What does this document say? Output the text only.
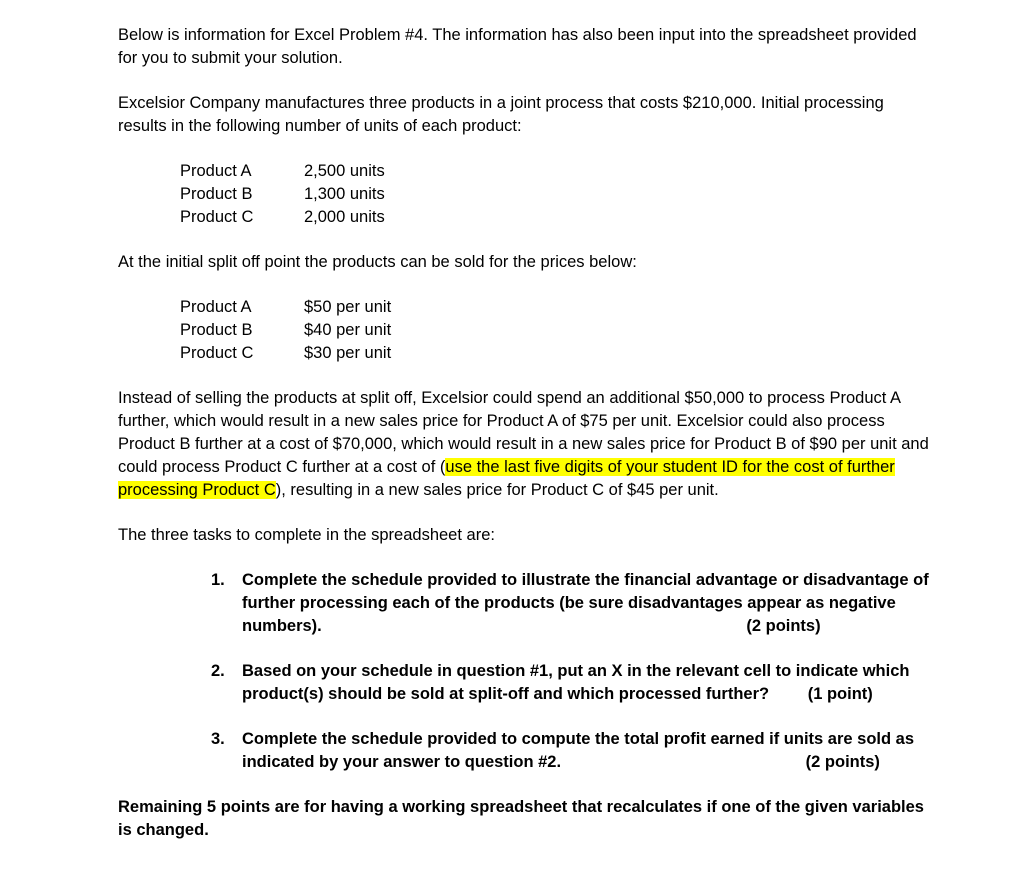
Below is information for Excel Problem #4. The information has also been input into the spreadsheet provided for you to submit your solution.

Excelsior Company manufactures three products in a joint process that costs $210,000. Initial processing results in the following number of units of each product:

Product A	2,500 units
Product B	1,300 units
Product C	2,000 units

At the initial split off point the products can be sold for the prices below:

Product A	$50 per unit
Product B	$40 per unit
Product C	$30 per unit

Instead of selling the products at split off, Excelsior could spend an additional $50,000 to process Product A further, which would result in a new sales price for Product A of $75 per unit. Excelsior could also process Product B further at a cost of $70,000, which would result in a new sales price for Product B of $90 per unit and could process Product C further at a cost of (use the last five digits of your student ID for the cost of further processing Product C), resulting in a new sales price for Product C of $45 per unit.

The three tasks to complete in the spreadsheet are:

1. Complete the schedule provided to illustrate the financial advantage or disadvantage of further processing each of the products (be sure disadvantages appear as negative numbers).	(2 points)
2. Based on your schedule in question #1, put an X in the relevant cell to indicate which product(s) should be sold at split-off and which processed further? (1 point)
3. Complete the schedule provided to compute the total profit earned if units are sold as indicated by your answer to question #2.	(2 points)

Remaining 5 points are for having a working spreadsheet that recalculates if one of the given variables is changed.
